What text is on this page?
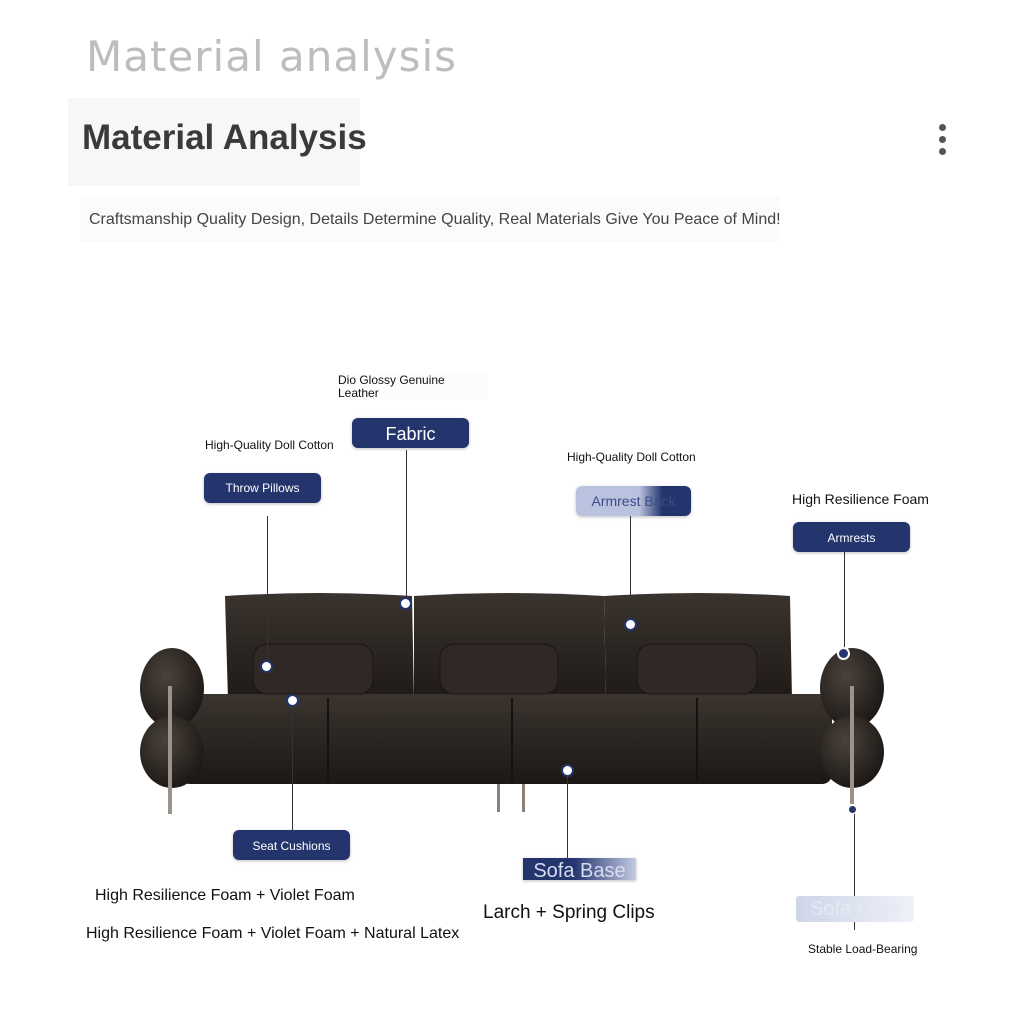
Material analysis
Material Analysis
Craftsmanship Quality Design, Details Determine Quality, Real Materials Give You Peace of Mind!
High-Quality Doll Cotton
Throw Pillows
Dio Glossy Genuine Leather
Fabric
High-Quality Doll Cotton
Armrest Back	High Resilience Foam
Armrests
Seat Cushions
High Resilience Foam + Violet Foam
High Resilience Foam + Violet Foam + Natural Latex
Sofa Base
Larch + Spring Clips	Sofa Legs
Stable Load-Bearing
